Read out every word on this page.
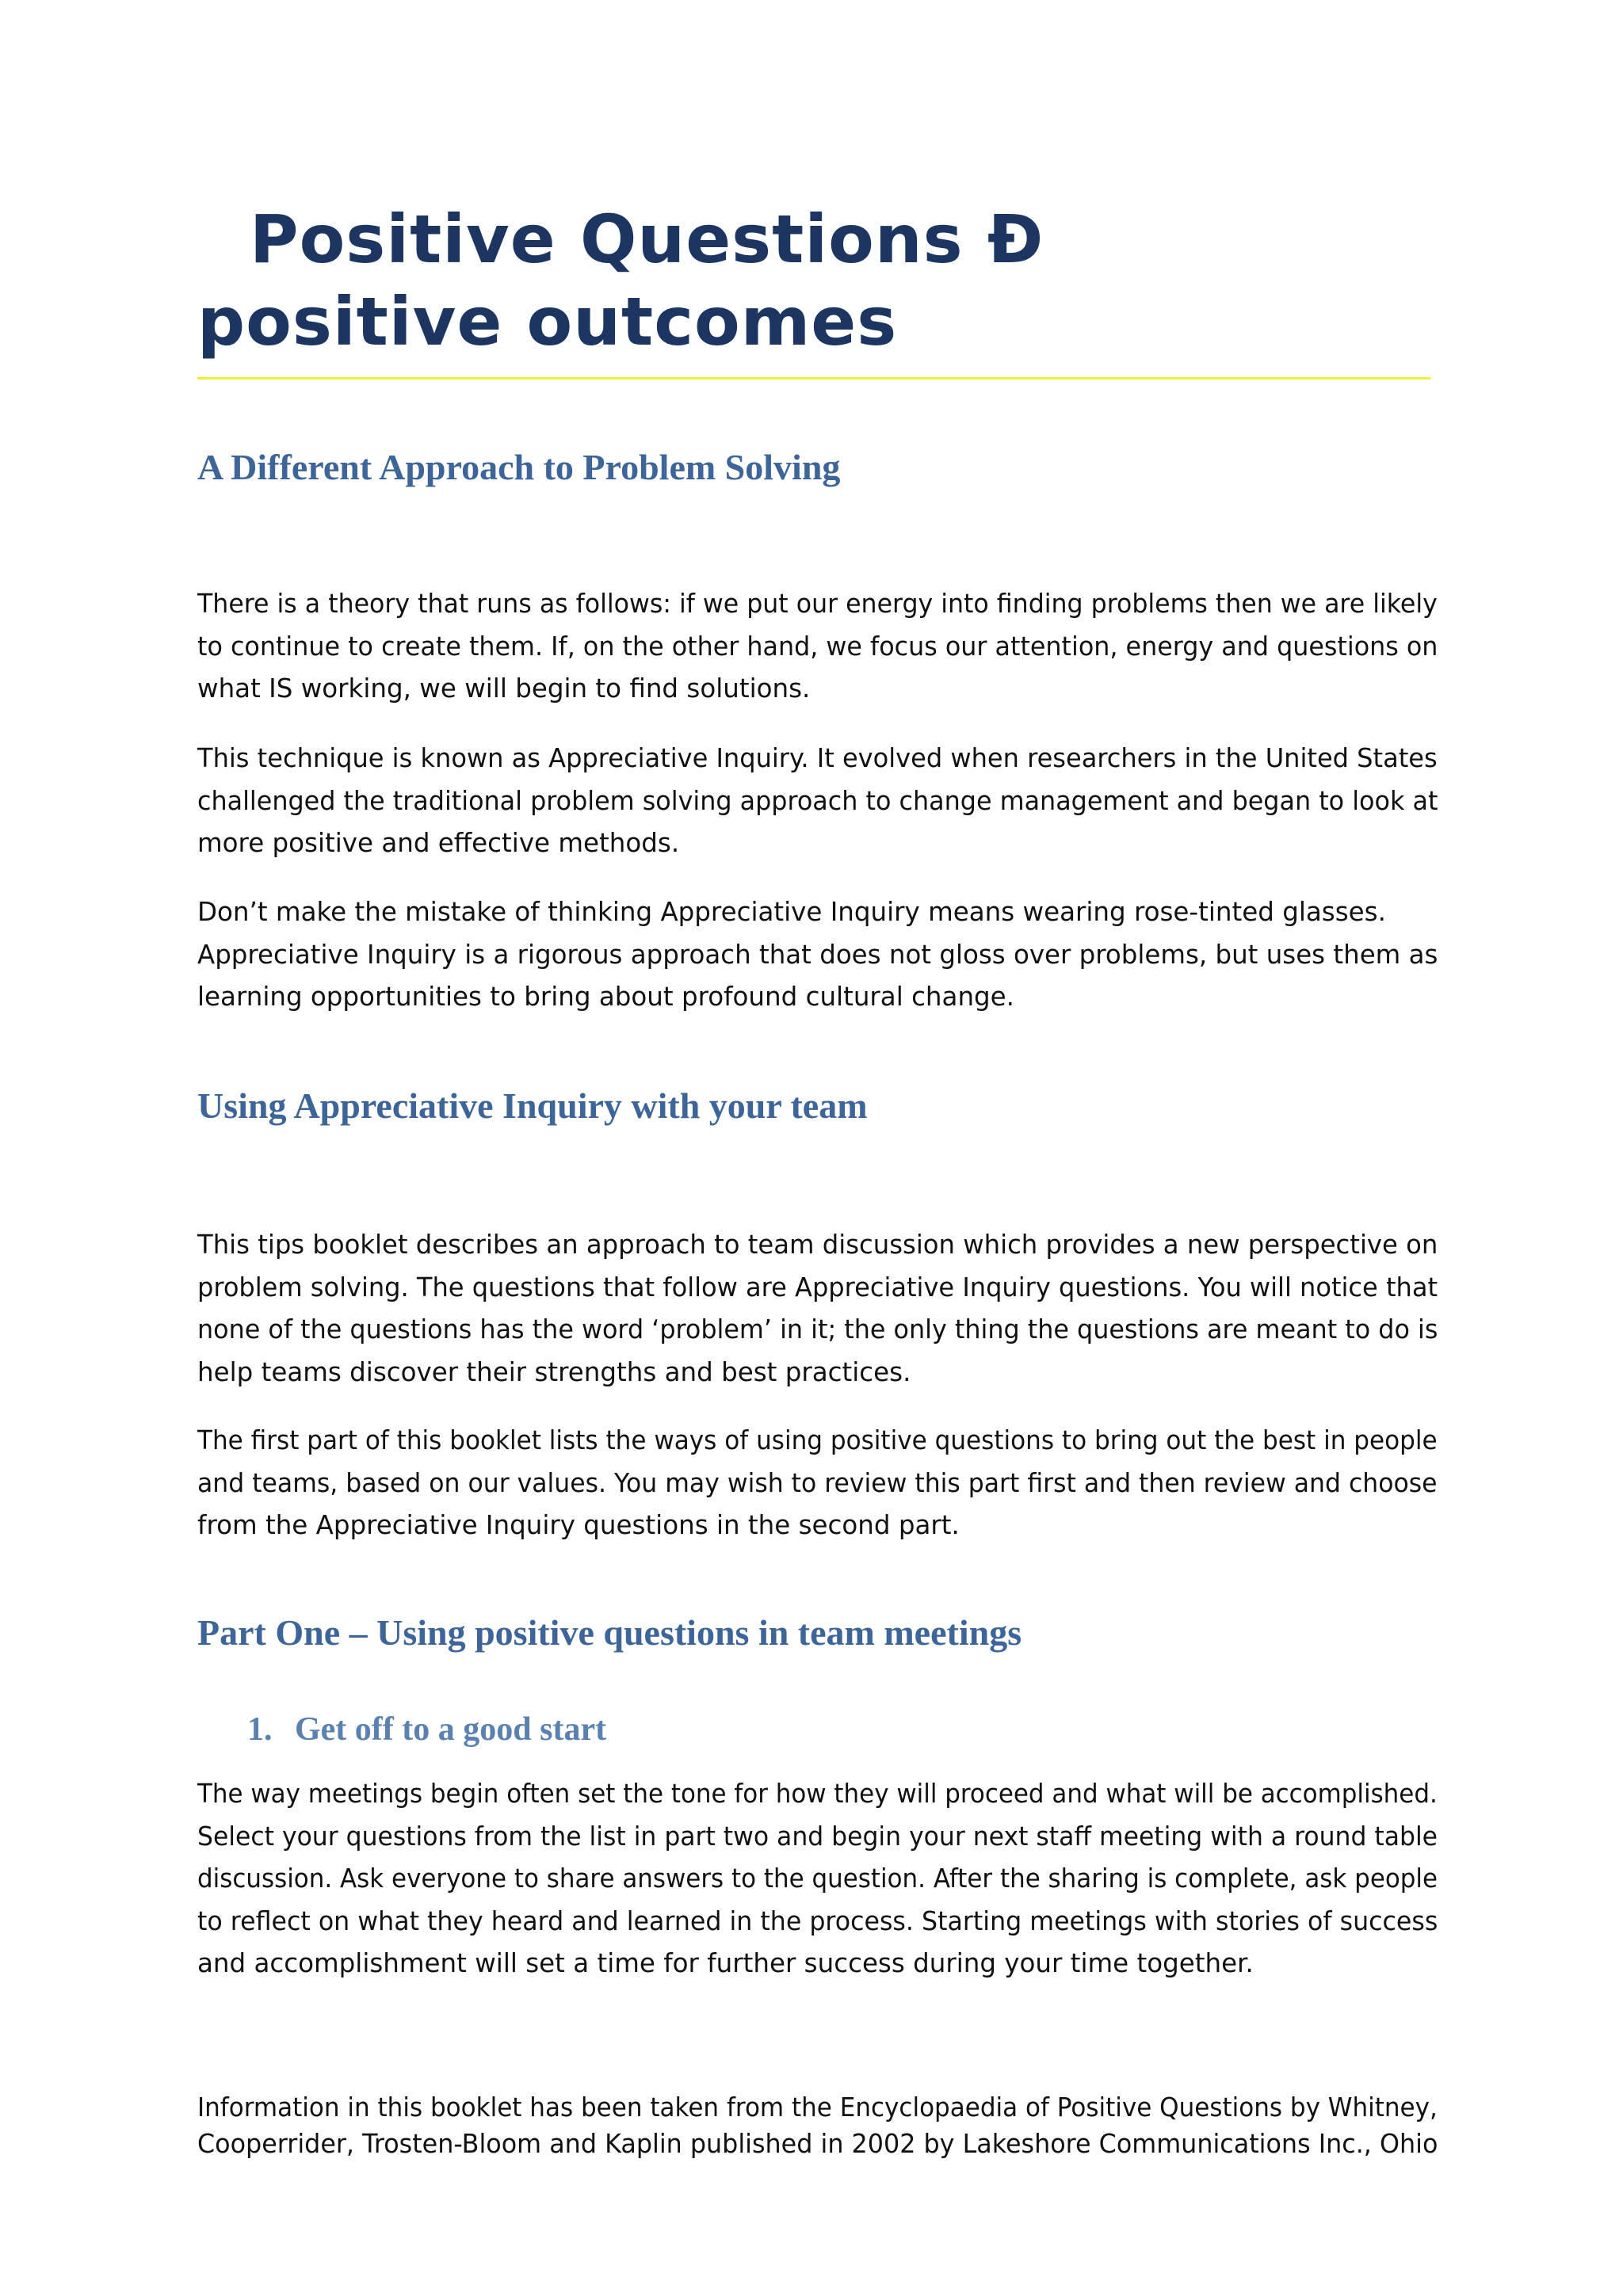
Positive Questions Ð
positive outcomes
A Different Approach to Problem Solving

There is a theory that runs as follows: if we put our energy into finding problems then we are likely
to continue to create them. If, on the other hand, we focus our attention, energy and questions on
what IS working, we will begin to find solutions.

This technique is known as Appreciative Inquiry. It evolved when researchers in the United States
challenged the traditional problem solving approach to change management and began to look at
more positive and effective methods.

Don’t make the mistake of thinking Appreciative Inquiry means wearing rose-tinted glasses.
Appreciative Inquiry is a rigorous approach that does not gloss over problems, but uses them as
learning opportunities to bring about profound cultural change.

Using Appreciative Inquiry with your team

This tips booklet describes an approach to team discussion which provides a new perspective on
problem solving. The questions that follow are Appreciative Inquiry questions. You will notice that
none of the questions has the word ‘problem’ in it; the only thing the questions are meant to do is
help teams discover their strengths and best practices.

The first part of this booklet lists the ways of using positive questions to bring out the best in people
and teams, based on our values. You may wish to review this part first and then review and choose
from the Appreciative Inquiry questions in the second part.

Part One – Using positive questions in team meetings
1. Get off to a good start

The way meetings begin often set the tone for how they will proceed and what will be accomplished.
Select your questions from the list in part two and begin your next staff meeting with a round table
discussion. Ask everyone to share answers to the question. After the sharing is complete, ask people
to reflect on what they heard and learned in the process. Starting meetings with stories of success
and accomplishment will set a time for further success during your time together.

Information in this booklet has been taken from the Encyclopaedia of Positive Questions by Whitney,
Cooperrider, Trosten-Bloom and Kaplin published in 2002 by Lakeshore Communications Inc., Ohio
